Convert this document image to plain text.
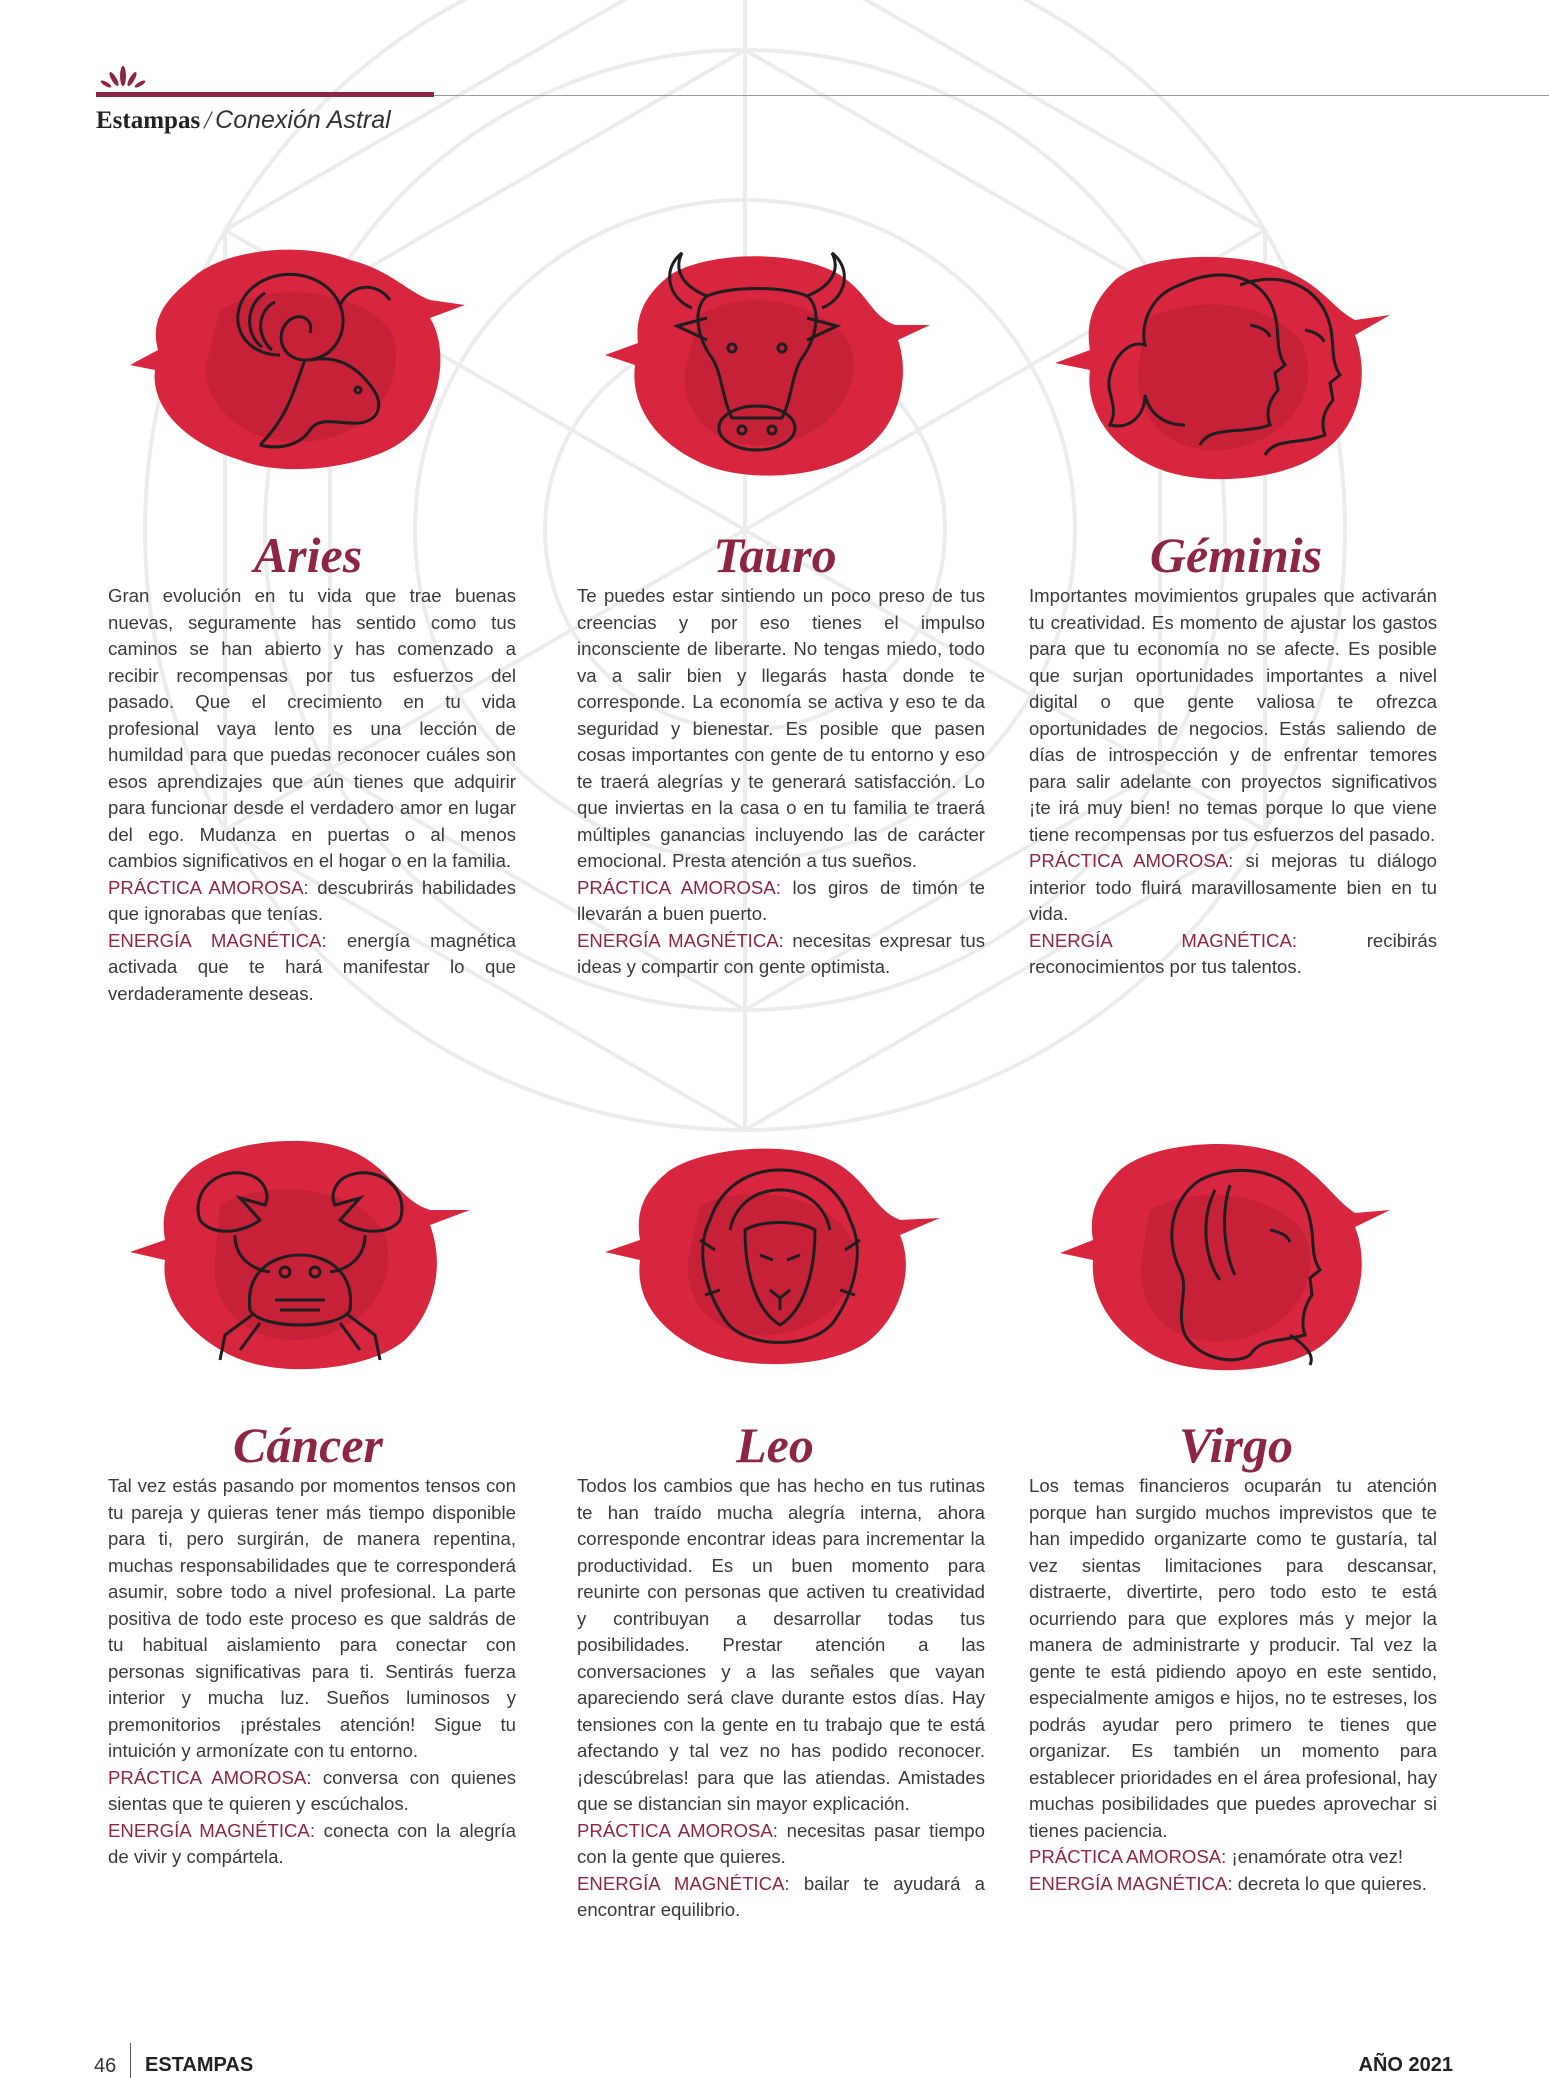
Estampas / Conexión Astral
Aries

Gran evolución en tu vida que trae buenas nuevas, seguramente has sentido como tus caminos se han abierto y has comenzado a recibir recompensas por tus esfuerzos del pasado. Que el crecimiento en tu vida profesional vaya lento es una lección de humildad para que puedas reconocer cuáles son esos aprendizajes que aún tienes que adquirir para funcionar desde el verdadero amor en lugar del ego. Mudanza en puertas o al menos cambios significativos en el hogar o en la familia.

PRÁCTICA AMOROSA: descubrirás habilidades que ignorabas que tenías.

ENERGÍA MAGNÉTICA: energía magnética activada que te hará manifestar lo que verdaderamente deseas.

Tauro

Te puedes estar sintiendo un poco preso de tus creencias y por eso tienes el impulso inconsciente de liberarte. No tengas miedo, todo va a salir bien y llegarás hasta donde te corresponde. La economía se activa y eso te da seguridad y bienestar. Es posible que pasen cosas importantes con gente de tu entorno y eso te traerá alegrías y te generará satisfacción. Lo que inviertas en la casa o en tu familia te traerá múltiples ganancias incluyendo las de carácter emocional. Presta atención a tus sueños.

PRÁCTICA AMOROSA: los giros de timón te llevarán a buen puerto.

ENERGÍA MAGNÉTICA: necesitas expresar tus ideas y compartir con gente optimista.

Géminis

Importantes movimientos grupales que activarán tu creatividad. Es momento de ajustar los gastos para que tu economía no se afecte. Es posible que surjan oportunidades importantes a nivel digital o que gente valiosa te ofrezca oportunidades de negocios. Estás saliendo de días de introspección y de enfrentar temores para salir adelante con proyectos significativos ¡te irá muy bien! no temas porque lo que viene tiene recompensas por tus esfuerzos del pasado.

PRÁCTICA AMOROSA: si mejoras tu diálogo interior todo fluirá maravillosamente bien en tu vida.

ENERGÍA MAGNÉTICA:	recibirás reconocimientos por tus talentos.

Cáncer

Tal vez estás pasando por momentos tensos con tu pareja y quieras tener más tiempo disponible para ti, pero surgirán, de manera repentina, muchas responsabilidades que te corresponderá asumir, sobre todo a nivel profesional. La parte positiva de todo este proceso es que saldrás de tu habitual aislamiento para conectar con personas significativas para ti. Sentirás fuerza interior y mucha luz. Sueños luminosos y premonitorios ¡préstales atención! Sigue tu intuición y armonízate con tu entorno.

PRÁCTICA AMOROSA: conversa con quienes sientas que te quieren y escúchalos.

ENERGÍA MAGNÉTICA: conecta con la alegría de vivir y compártela.

Leo

Todos los cambios que has hecho en tus rutinas te han traído mucha alegría interna, ahora corresponde encontrar ideas para incrementar la productividad. Es un buen momento para reunirte con personas que activen tu creatividad y contribuyan a desarrollar todas tus posibilidades. Prestar atención a las conversaciones y a las señales que vayan apareciendo será clave durante estos días. Hay tensiones con la gente en tu trabajo que te está afectando y tal vez no has podido reconocer. ¡descúbrelas! para que las atiendas. Amistades que se distancian sin mayor explicación.

PRÁCTICA AMOROSA: necesitas pasar tiempo con la gente que quieres.

ENERGÍA MAGNÉTICA: bailar te ayudará a encontrar equilibrio.

Virgo

Los temas financieros ocuparán tu atención porque han surgido muchos imprevistos que te han impedido organizarte como te gustaría, tal vez sientas limitaciones para descansar, distraerte, divertirte, pero todo esto te está ocurriendo para que explores más y mejor la manera de administrarte y producir. Tal vez la gente te está pidiendo apoyo en este sentido, especialmente amigos e hijos, no te estreses, los podrás ayudar pero primero te tienes que organizar. Es también un momento para establecer prioridades en el área profesional, hay muchas posibilidades que puedes aprovechar si tienes paciencia.

PRÁCTICA AMOROSA: ¡enamórate otra vez!

ENERGÍA MAGNÉTICA: decreta lo que quieres.

46 ESTAMPAS	AÑO 2021
